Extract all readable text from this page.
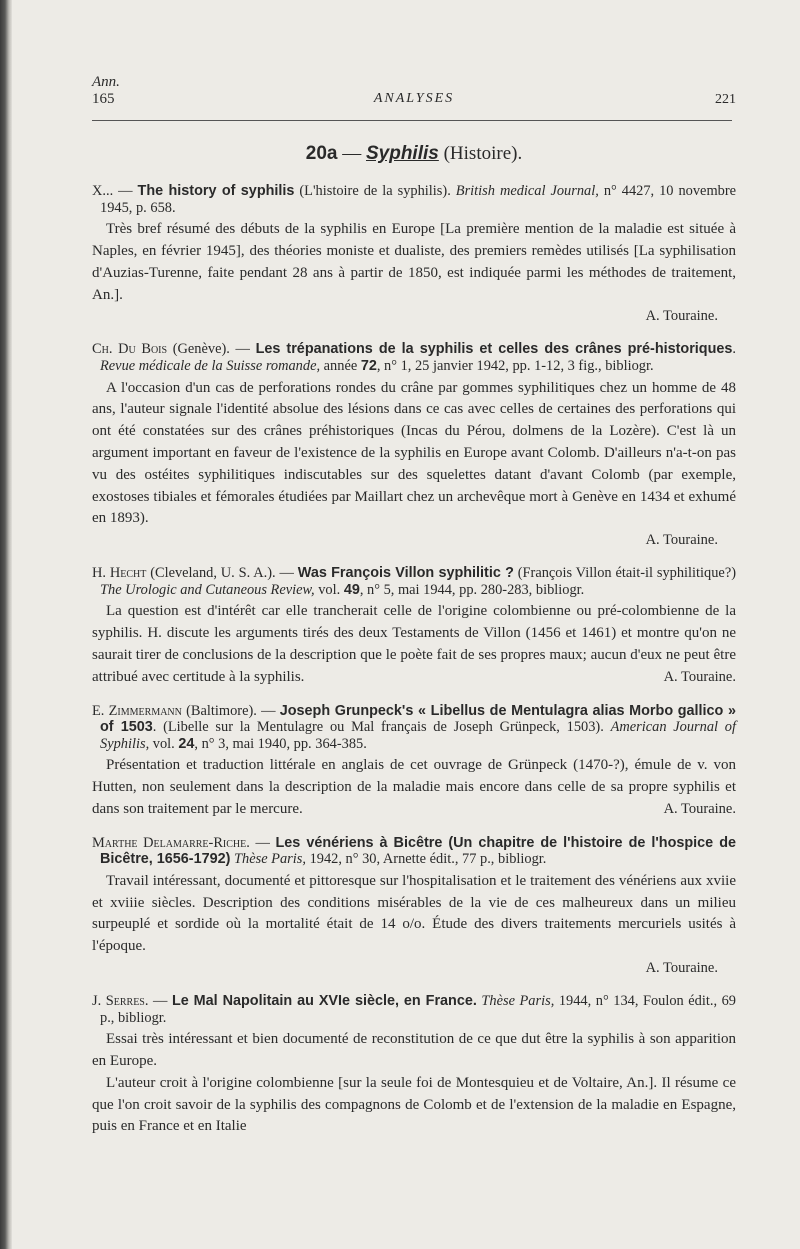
Ann.
165	ANALYSES	221
20a — Syphilis (Histoire).
X... — The history of syphilis (L'histoire de la syphilis). British medical Journal, n° 4427, 10 novembre 1945, p. 658.

Très bref résumé des débuts de la syphilis en Europe [La première mention de la maladie est située à Naples, en février 1945], des théories moniste et dualiste, des premiers remèdes utilisés [La syphilisation d'Auzias-Turenne, faite pendant 28 ans à partir de 1850, est indiquée parmi les méthodes de traitement, An.].

A. Touraine.
Ch. Du Bois (Genève). — Les trépanations de la syphilis et celles des crânes pré-historiques. Revue médicale de la Suisse romande, année 72, n° 1, 25 janvier 1942, pp. 1-12, 3 fig., bibliogr.

A l'occasion d'un cas de perforations rondes du crâne par gommes syphilitiques chez un homme de 48 ans, l'auteur signale l'identité absolue des lésions dans ce cas avec celles de certaines des perforations qui ont été constatées sur des crânes préhistoriques (Incas du Pérou, dolmens de la Lozère). C'est là un argument important en faveur de l'existence de la syphilis en Europe avant Colomb. D'ailleurs n'a-t-on pas vu des ostéites syphilitiques indiscutables sur des squelettes datant d'avant Colomb (par exemple, exostoses tibiales et fémorales étudiées par Maillart chez un archevêque mort à Genève en 1434 et exhumé en 1893).

A. Touraine.
H. Hecht (Cleveland, U. S. A.). — Was François Villon syphilitic ? (François Villon était-il syphilitique?) The Urologic and Cutaneous Review, vol. 49, n° 5, mai 1944, pp. 280-283, bibliogr.

La question est d'intérêt car elle trancherait celle de l'origine colombienne ou pré-colombienne de la syphilis. H. discute les arguments tirés des deux Testaments de Villon (1456 et 1461) et montre qu'on ne saurait tirer de conclusions de la description que le poète fait de ses propres maux; aucun d'eux ne peut être attribué avec certitude à la syphilis.	A. Touraine.

E. Zimmermann (Baltimore). — Joseph Grunpeck's « Libellus de Mentulagra alias Morbo gallico » of 1503. (Libelle sur la Mentulagre ou Mal français de Joseph Grünpeck, 1503). American Journal of Syphilis, vol. 24, n° 3, mai 1940, pp. 364-385.

Présentation et traduction littérale en anglais de cet ouvrage de Grünpeck (1470-?), émule de v. von Hutten, non seulement dans la description de la maladie mais encore dans celle de sa propre syphilis et dans son traitement par le mercure.	A. Touraine.

Marthe Delamarre-Riche. — Les vénériens à Bicêtre (Un chapitre de l'histoire de l'hospice de Bicêtre, 1656-1792) Thèse Paris, 1942, n° 30, Arnette édit., 77 p., bibliogr.

Travail intéressant, documenté et pittoresque sur l'hospitalisation et le traitement des vénériens aux xviie et xviiie siècles. Description des conditions misérables de la vie de ces malheureux dans un milieu surpeuplé et sordide où la mortalité était de 14 o/o. Étude des divers traitements mercuriels usités à l'époque.

A. Touraine.
J. Serres. — Le Mal Napolitain au XVIe siècle, en France. Thèse Paris, 1944, n° 134, Foulon édit., 69 p., bibliogr.

Essai très intéressant et bien documenté de reconstitution de ce que dut être la syphilis à son apparition en Europe.

L'auteur croit à l'origine colombienne [sur la seule foi de Montesquieu et de Voltaire, An.]. Il résume ce que l'on croit savoir de la syphilis des compagnons de Colomb et de l'extension de la maladie en Espagne, puis en France et en Italie
